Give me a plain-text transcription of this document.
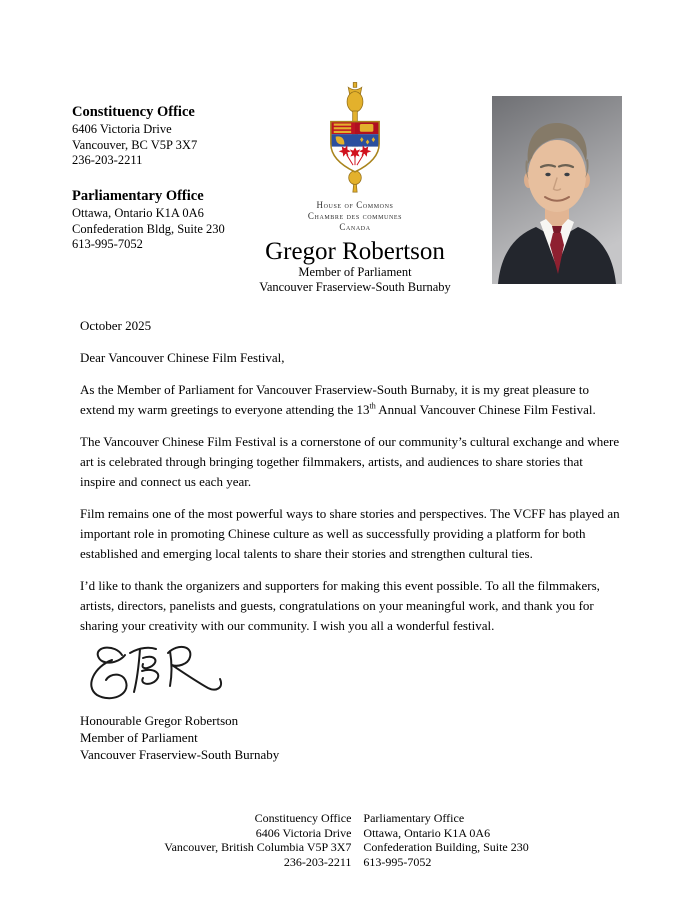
Constituency Office
6406 Victoria Drive
Vancouver, BC V5P 3X7
236-203-2211
Parliamentary Office
Ottawa, Ontario K1A 0A6
Confederation Bldg, Suite 230
613-995-7052
House of Commons
Chambre des communes
Canada
Gregor Robertson
Member of Parliament
Vancouver Fraserview-South Burnaby

October 2025

Dear Vancouver Chinese Film Festival,

As the Member of Parliament for Vancouver Fraserview-South Burnaby, it is my great pleasure to extend my warm greetings to everyone attending the 13th Annual Vancouver Chinese Film Festival.

The Vancouver Chinese Film Festival is a cornerstone of our community’s cultural exchange and where art is celebrated through bringing together filmmakers, artists, and audiences to share stories that inspire and connect us each year.

Film remains one of the most powerful ways to share stories and perspectives. The VCFF has played an important role in promoting Chinese culture as well as successfully providing a platform for both established and emerging local talents to share their stories and strengthen cultural ties.

I’d like to thank the organizers and supporters for making this event possible. To all the filmmakers, artists, directors, panelists and guests, congratulations on your meaningful work, and thank you for sharing your creativity with our community. I wish you all a wonderful festival.

Honourable Gregor Robertson
Member of Parliament
Vancouver Fraserview-South Burnaby
Constituency Office
6406 Victoria Drive
Vancouver, British Columbia V5P 3X7
236-203-2211
Parliamentary Office
Ottawa, Ontario K1A 0A6
Confederation Building, Suite 230
613-995-7052
